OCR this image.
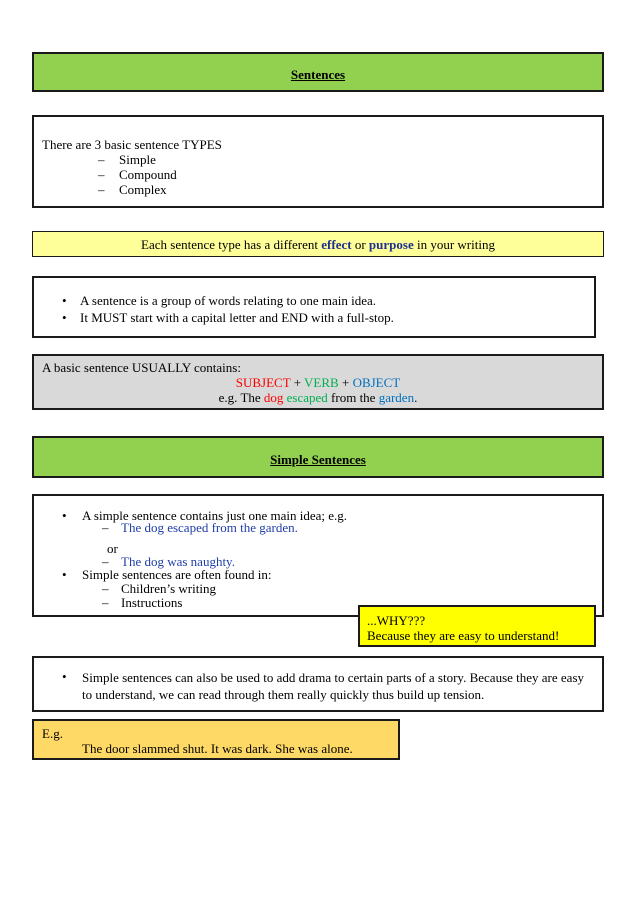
Sentences
There are 3 basic sentence TYPES
– Simple
– Compound
– Complex
Each sentence type has a different effect or purpose in your writing
• A sentence is a group of words relating to one main idea.
• It MUST start with a capital letter and END with a full-stop.
A basic sentence USUALLY contains:
SUBJECT + VERB + OBJECT
e.g. The dog escaped from the garden.
Simple Sentences
• A simple sentence contains just one main idea; e.g.
– The dog escaped from the garden.
or
– The dog was naughty.
• Simple sentences are often found in:
– Children’s writing
– Instructions
...WHY???
Because they are easy to understand!
• Simple sentences can also be used to add drama to certain parts of a story. Because they are easy to understand, we can read through them really quickly thus build up tension.
E.g.
The door slammed shut. It was dark. She was alone.
